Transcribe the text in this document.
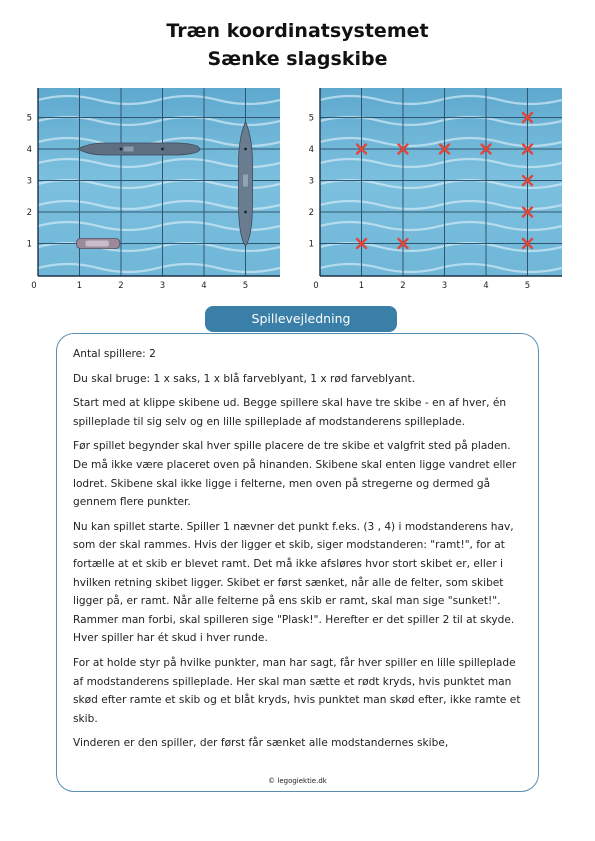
Træn koordinatsystemet
Sænke slagskibe
0	1	2	3	4	5
1
2
3
4
5
0	1	2	3	4	5
1
2
3
4
5
Spillevejledning

Antal spillere: 2

Du skal bruge: 1 x saks, 1 x blå farveblyant, 1 x rød farveblyant.

Start med at klippe skibene ud. Begge spillere skal have tre skibe - en af hver, én spilleplade til sig selv og en lille spilleplade af modstanderens spilleplade.

Før spillet begynder skal hver spille placere de tre skibe et valgfrit sted på pladen. De må ikke være placeret oven på hinanden. Skibene skal enten ligge vandret eller lodret. Skibene skal ikke ligge i felterne, men oven på stregerne og dermed gå gennem flere punkter.

Nu kan spillet starte. Spiller 1 nævner det punkt f.eks. (3 , 4) i modstanderens hav, som der skal rammes. Hvis der ligger et skib, siger modstanderen: "ramt!", for at fortælle at et skib er blevet ramt. Det må ikke afsløres hvor stort skibet er, eller i hvilken retning skibet ligger. Skibet er først sænket, når alle de felter, som skibet ligger på, er ramt. Når alle felterne på ens skib er ramt, skal man sige "sunket!". Rammer man forbi, skal spilleren sige "Plask!". Herefter er det spiller 2 til at skyde. Hver spiller har ét skud i hver runde.

For at holde styr på hvilke punkter, man har sagt, får hver spiller en lille spilleplade af modstanderens spilleplade. Her skal man sætte et rødt kryds, hvis punktet man skød efter ramte et skib og et blåt kryds, hvis punktet man skød efter, ikke ramte et skib.

Vinderen er den spiller, der først får sænket alle modstandernes skibe,

© legogiektie.dk
